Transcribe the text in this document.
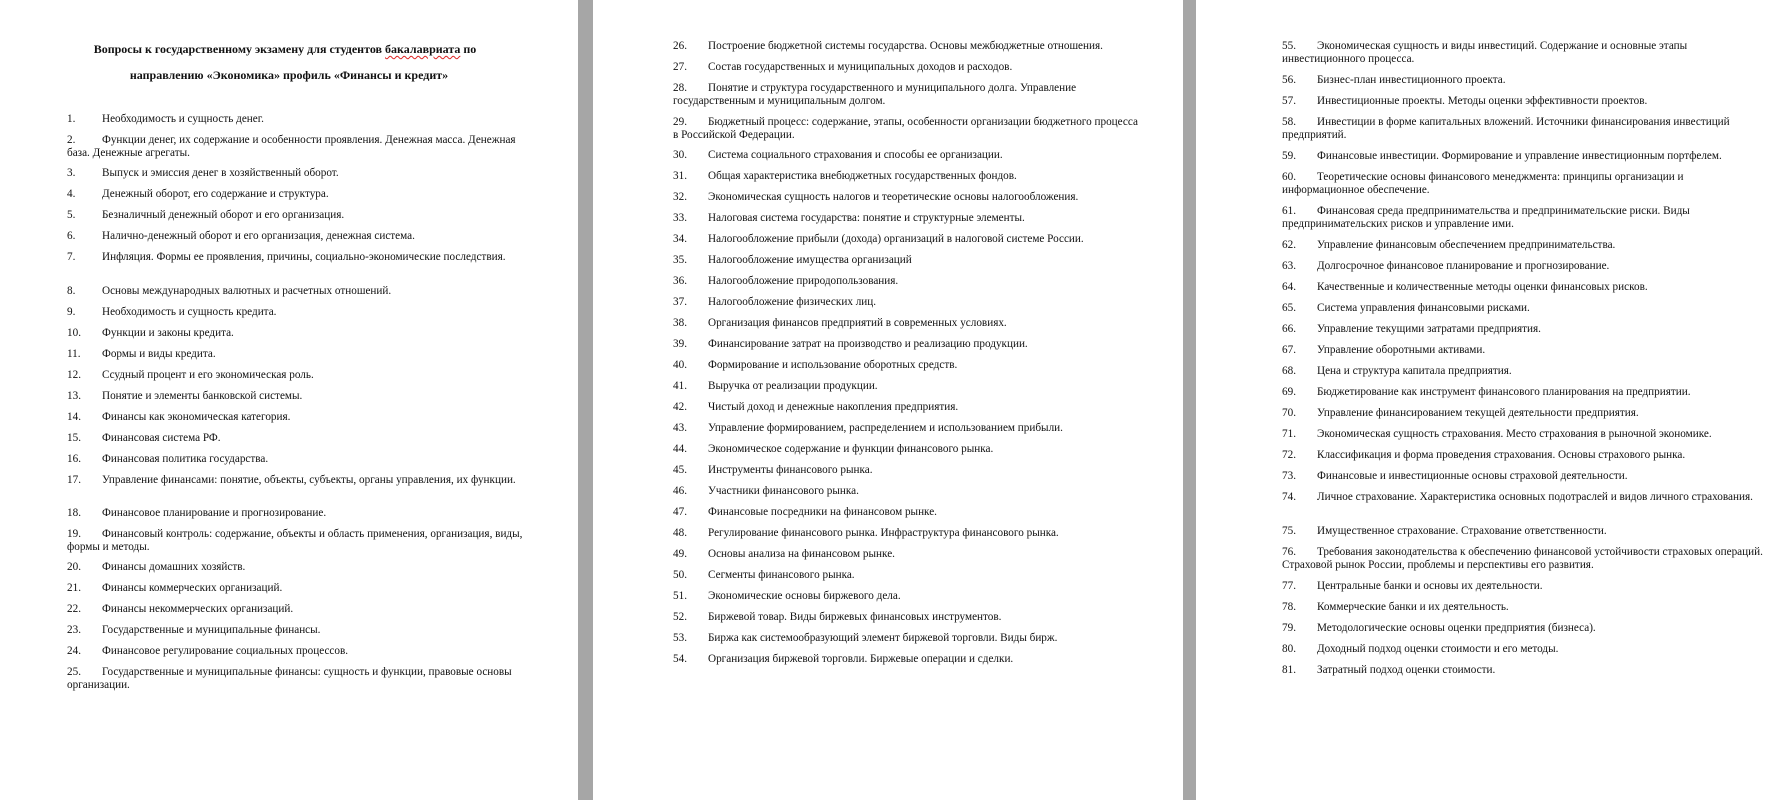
Вопросы к государственному экзамену для студентов бакалавриата по
направлению «Экономика» профиль «Финансы и кредит»
1. Необходимость и сущность денег.
2. Функции денег, их содержание и особенности проявления. Денежная масса. Денежная база. Денежные агрегаты.
3. Выпуск и эмиссия денег в хозяйственный оборот.
4. Денежный оборот, его содержание и структура.
5. Безналичный денежный оборот и его организация.
6. Налично-денежный оборот и его организация, денежная система.
7. Инфляция. Формы ее проявления, причины, социально-экономические последствия.
8. Основы международных валютных и расчетных отношений.
9. Необходимость и сущность кредита.
10. Функции и законы кредита.
11. Формы и виды кредита.
12. Ссудный процент и его экономическая роль.
13. Понятие и элементы банковской системы.
14. Финансы как экономическая категория.
15. Финансовая система РФ.
16. Финансовая политика государства.
17. Управление финансами: понятие, объекты, субъекты, органы управления, их функции.
18. Финансовое планирование и прогнозирование.
19. Финансовый контроль: содержание, объекты и область применения, организация, виды, формы и методы.
20. Финансы домашних хозяйств.
21. Финансы коммерческих организаций.
22. Финансы некоммерческих организаций.
23. Государственные и муниципальные финансы.
24. Финансовое регулирование социальных процессов.
25. Государственные и муниципальные финансы: сущность и функции, правовые основы организации.
26. Построение бюджетной системы государства. Основы межбюджетные отношения.
27. Состав государственных и муниципальных доходов и расходов.
28. Понятие и структура государственного и муниципального долга. Управление государственным и муниципальным долгом.
29. Бюджетный процесс: содержание, этапы, особенности организации бюджетного процесса в Российской Федерации.
30. Система социального страхования и способы ее организации.
31. Общая характеристика внебюджетных государственных фондов.
32. Экономическая сущность налогов и теоретические основы налогообложения.
33. Налоговая система государства: понятие и структурные элементы.
34. Налогообложение прибыли (дохода) организаций в налоговой системе России.
35. Налогообложение имущества организаций
36. Налогообложение природопользования.
37. Налогообложение физических лиц.
38. Организация финансов предприятий в современных условиях.
39. Финансирование затрат на производство и реализацию продукции.
40. Формирование и использование оборотных средств.
41. Выручка от реализации продукции.
42. Чистый доход и денежные накопления предприятия.
43. Управление формированием, распределением и использованием прибыли.
44. Экономическое содержание и функции финансового рынка.
45. Инструменты финансового рынка.
46. Участники финансового рынка.
47. Финансовые посредники на финансовом рынке.
48. Регулирование финансового рынка. Инфраструктура финансового рынка.
49. Основы анализа на финансовом рынке.
50. Сегменты финансового рынка.
51. Экономические основы биржевого дела.
52. Биржевой товар. Виды биржевых финансовых инструментов.
53. Биржа как системообразующий элемент биржевой торговли. Виды бирж.
54. Организация биржевой торговли. Биржевые операции и сделки.
55. Экономическая сущность и виды инвестиций. Содержание и основные этапы инвестиционного процесса.
56. Бизнес-план инвестиционного проекта.
57. Инвестиционные проекты. Методы оценки эффективности проектов.
58. Инвестиции в форме капитальных вложений. Источники финансирования инвестиций предприятий.
59. Финансовые инвестиции. Формирование и управление инвестиционным портфелем.
60. Теоретические основы финансового менеджмента: принципы организации и информационное обеспечение.
61. Финансовая среда предпринимательства и предпринимательские риски. Виды предпринимательских рисков и управление ими.
62. Управление финансовым обеспечением предпринимательства.
63. Долгосрочное финансовое планирование и прогнозирование.
64. Качественные и количественные методы оценки финансовых рисков.
65. Система управления финансовыми рисками.
66. Управление текущими затратами предприятия.
67. Управление оборотными активами.
68. Цена и структура капитала предприятия.
69. Бюджетирование как инструмент финансового планирования на предприятии.
70. Управление финансированием текущей деятельности предприятия.
71. Экономическая сущность страхования. Место страхования в рыночной экономике.
72. Классификация и форма проведения страхования. Основы страхового рынка.
73. Финансовые и инвестиционные основы страховой деятельности.
74. Личное страхование. Характеристика основных подотраслей и видов личного страхования.
75. Имущественное страхование. Страхование ответственности.
76. Требования законодательства к обеспечению финансовой устойчивости страховых операций. Страховой рынок России, проблемы и перспективы его развития.
77. Центральные банки и основы их деятельности.
78. Коммерческие банки и их деятельность.
79. Методологические основы оценки предприятия (бизнеса).
80. Доходный подход оценки стоимости и его методы.
81. Затратный подход оценки стоимости.
